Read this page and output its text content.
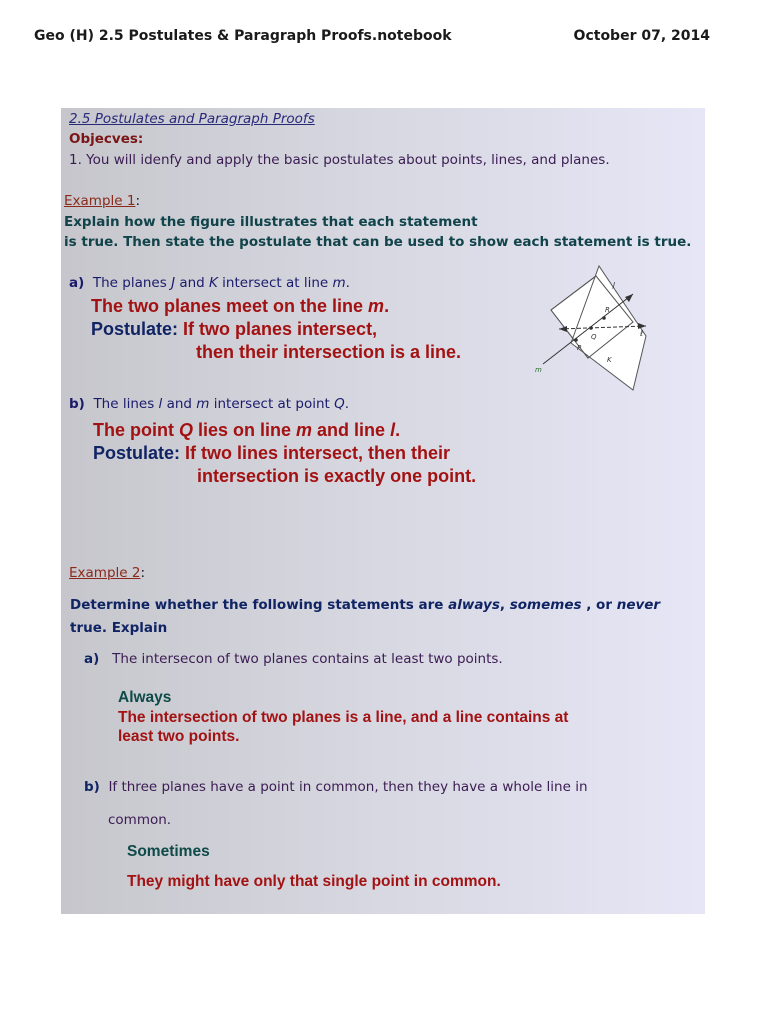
Geo (H) 2.5 Postulates & Paragraph Proofs.notebook	October 07, 2014
2.5 Postulates and Paragraph Proofs
Objecves:
1. You will idenfy and apply the basic postulates about points, lines, and planes.
Example 1:
Explain how the figure illustrates that each statement
is true. Then state the postulate that can be used to show each statement is true.
a) The planes J and K intersect at line m.
The two planes meet on the line m.
Postulate: If two planes intersect,
then their intersection is a line.
b) The lines l and m intersect at point Q.
The point Q lies on line m and line l.
Postulate: If two lines intersect, then their
intersection is exactly one point.
J
R
Q
P
K
ℓ
m
Example 2:
Determine whether the following statements are always, somemes , or never
true. Explain
a) The intersecon of two planes contains at least two points.
Always
The intersection of two planes is a line, and a line contains at
least two points.
b) If three planes have a point in common, then they have a whole line in
common.
Sometimes
They might have only that single point in common.
